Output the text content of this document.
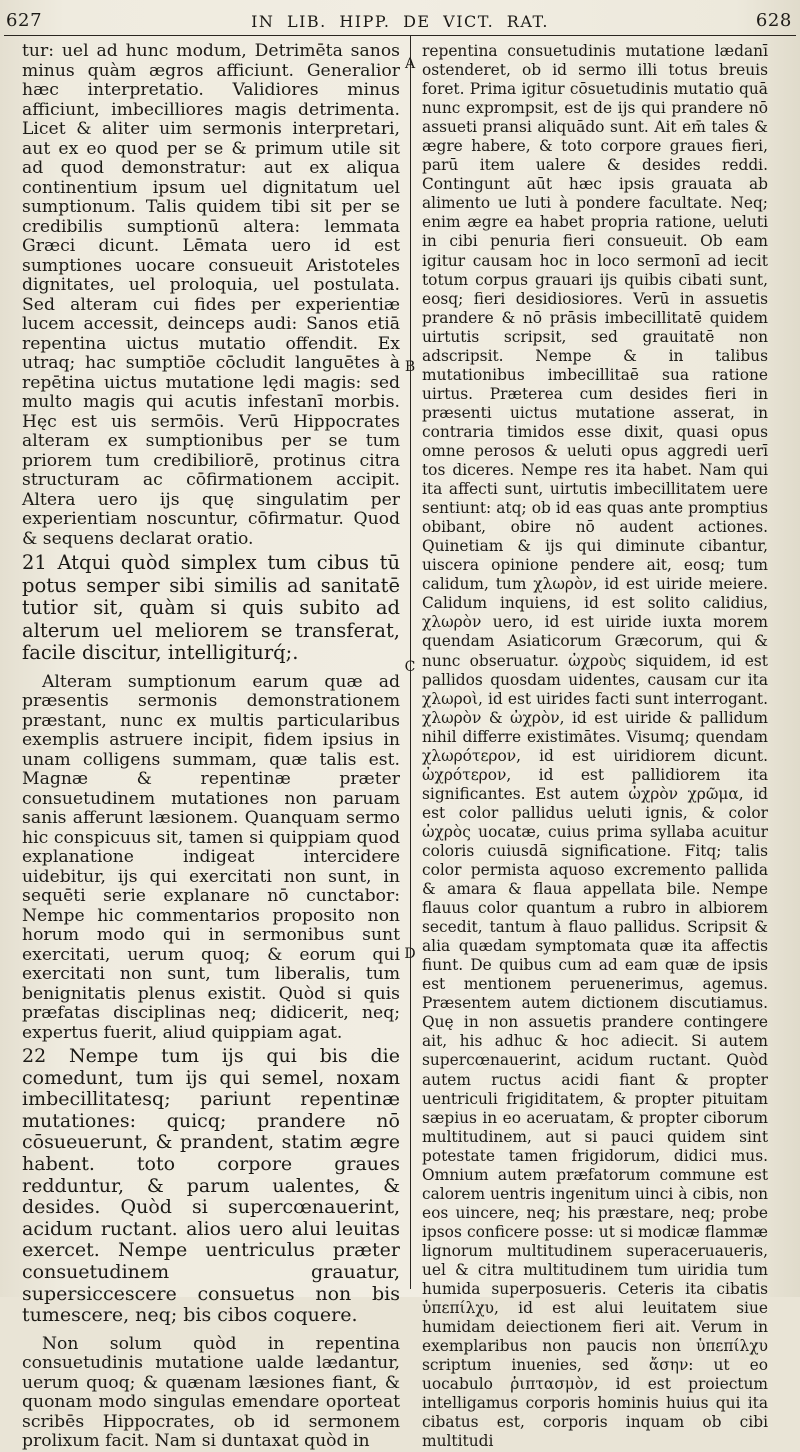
627	IN LIB. HIPP. DE VICT. RAT.	628

tur: uel ad hunc modum, Detrimēta sanos minus quàm ægros afficiunt. Generalior hæc interpretatio. Validiores minus afficiunt, imbecilliores magis detrimenta. Licet & aliter uim sermonis interpretari, aut ex eo quod per se & primum utile sit ad quod demonstratur: aut ex aliqua continentium ipsum uel dignitatum uel sumptionum. Talis quidem tibi sit per se credibilis sumptionū altera: lemmata Græci dicunt. Lēmata uero id est sumptiones uocare consueuit Aristoteles dignitates, uel proloquia, uel postulata. Sed alteram cui fides per experientiæ lucem accessit, deinceps audi: Sanos etiā repentina uictus mutatio offendit. Ex utraq; hac sumptiōe cōcludit languētes à repētina uictus mutatione lędi magis: sed multo magis qui acutis infestanī morbis. Hęc est uis sermōis. Verū Hippocrates alteram ex sumptionibus per se tum priorem tum credibiliorē, protinus citra structuram ac cōfirmationem accipit. Altera uero ijs quę singulatim per experientiam noscuntur, cōfirmatur. Quod & sequens declarat oratio.

21 Atqui quòd simplex tum cibus tū potus semper sibi similis ad sanitatē tutior sit, quàm si quis subito ad alterum uel meliorem se transferat, facile discitur, intelligiturq́;.

Alteram sumptionum earum quæ ad præsentis sermonis demonstrationem præstant, nunc ex multis particularibus exemplis astruere incipit, fidem ipsius in unam colligens summam, quæ talis est. Magnæ & repentinæ præter consuetudinem mutationes non paruam sanis afferunt læsionem. Quanquam sermo hic conspicuus sit, tamen si quippiam quod explanatione indigeat intercidere uidebitur, ijs qui exercitati non sunt, in sequēti serie explanare nō cunctabor: Nempe hic commentarios proposito non horum modo qui in sermonibus sunt exercitati, uerum quoq; & eorum qui exercitati non sunt, tum liberalis, tum benignitatis plenus existit. Quòd si quis præfatas disciplinas neq; didicerit, neq; expertus fuerit, aliud quippiam agat.

22 Nempe tum ijs qui bis die comedunt, tum ijs qui semel, noxam imbecillitatesq; pariunt repentinæ mutationes: quicq; prandere nō cōsueuerunt, & prandent, statim ægre habent. toto corpore graues redduntur, & parum ualentes, & desides. Quòd si supercœnauerint, acidum ructant. alios uero alui leuitas exercet. Nempe uentriculus præter consuetudinem grauatur, supersiccescere consuetus non bis tumescere, neq; bis cibos coquere.

Non solum quòd in repentina consuetudinis mutatione ualde lædantur, uerum quoq; & quænam læsiones fiant, & quonam modo singulas emendare oporteat scribēs Hippocrates, ob id sermonem prolixum facit. Nam si duntaxat quòd in

A
B
C
D

repentina consuetudinis mutatione lædanī ostenderet, ob id sermo illi totus breuis foret. Prima igitur cōsuetudinis mutatio quā nunc exprompsit, est de ijs qui prandere nō assueti pransi aliquādo sunt. Ait em̄ tales & ægre habere, & toto corpore graues fieri, parū item ualere & desides reddi. Contingunt aūt hæc ipsis grauata ab alimento ue luti à pondere facultate. Neq; enim ægre ea habet propria ratione, ueluti in cibi penuria fieri consueuit. Ob eam igitur causam hoc in loco sermonī ad iecit totum corpus grauari ijs quibis cibati sunt, eosq; fieri desidiosiores. Verū in assuetis prandere & nō prāsis imbecillitatē quidem uirtutis scripsit, sed grauitatē non adscripsit. Nempe & in talibus mutationibus imbecillitaē sua ratione uirtus. Præterea cum desides fieri in præsenti uictus mutatione asserat, in contraria timidos esse dixit, quasi opus omne perosos & ueluti opus aggredi uerī tos diceres. Nempe res ita habet. Nam qui ita affecti sunt, uirtutis imbecillitatem uere sentiunt: atq; ob id eas quas ante promptius obibant, obire nō audent actiones. Quinetiam & ijs qui diminute cibantur, uiscera opinione pendere ait, eosq; tum calidum, tum χλωρὸν, id est uiride meiere. Calidum inquiens, id est solito calidius, χλωρὸν uero, id est uiride iuxta morem quendam Asiaticorum Græcorum, qui & nunc obseruatur. ὠχροὺς siquidem, id est pallidos quosdam uidentes, causam cur ita χλωροὶ, id est uirides facti sunt interrogant. χλωρὸν & ὠχρὸν, id est uiride & pallidum nihil differre existimātes. Visumq; quendam χλωρότερον, id est uiridiorem dicunt. ὠχρότερον, id est pallidiorem ita significantes. Est autem ὠχρὸν χρῶμα, id est color pallidus ueluti ignis, & color ὠχρὸς uocatæ, cuius prima syllaba acuitur coloris cuiusdā significatione. Fitq; talis color permista aquoso excremento pallida & amara & flaua appellata bile. Nempe flauus color quantum a rubro in albiorem secedit, tantum à flauo pallidus. Scripsit & alia quædam symptomata quæ ita affectis fiunt. De quibus cum ad eam quæ de ipsis est mentionem peruenerimus, agemus. Præsentem autem dictionem discutiamus. Quę in non assuetis prandere contingere ait, his adhuc & hoc adiecit. Si autem supercœnauerint, acidum ructant. Quòd autem ructus acidi fiant & propter uentriculi frigiditatem, & propter pituitam sæpius in eo aceruatam, & propter ciborum multitudinem, aut si pauci quidem sint potestate tamen frigidorum, didici mus. Omnium autem præfatorum commune est calorem uentris ingenitum uinci à cibis, non eos uincere, neq; his præstare, neq; probe ipsos conficere posse: ut si modicæ flammæ lignorum multitudinem superaceruaueris, uel & citra multitudinem tum uiridia tum humida superposueris. Ceteris ita cibatis ὑπεπίλχυ, id est alui leuitatem siue humidam deiectionem fieri ait. Verum in exemplaribus non paucis non ὑπεπίλχυ scriptum inuenies, sed ἄσην: ut eo uocabulo ῥιπτασμὸν, id est proiectum intelligamus corporis hominis huius qui ita cibatus est, corporis inquam ob cibi multitudi
